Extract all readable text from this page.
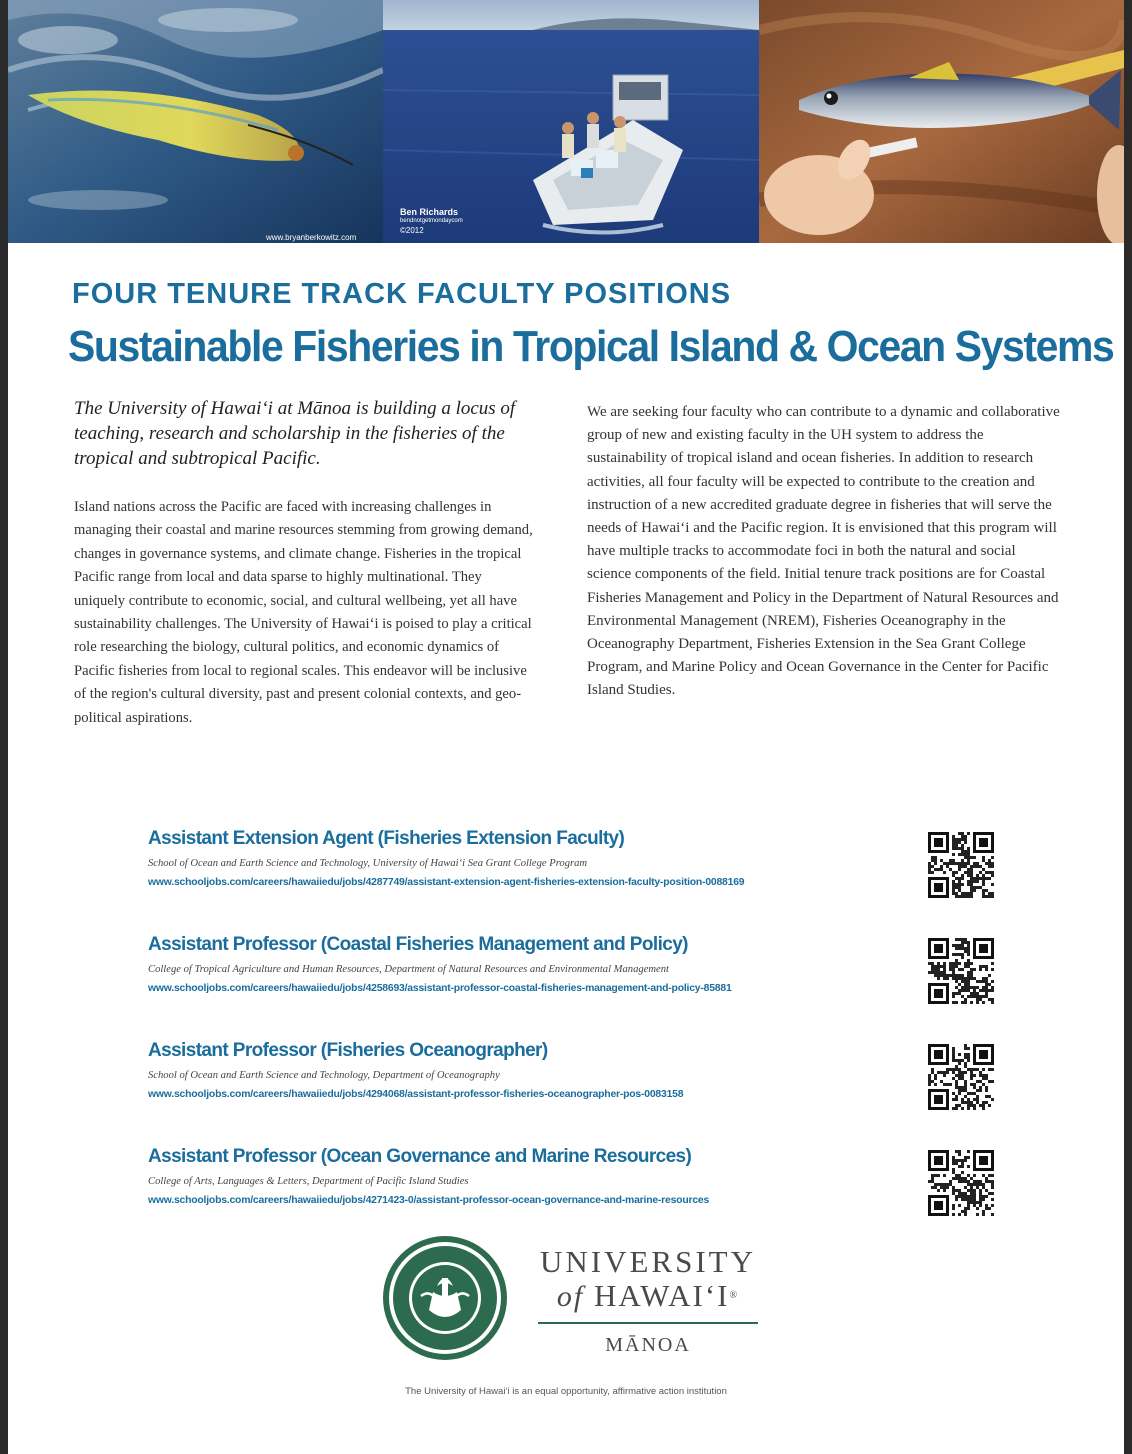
www.bryanberkowitz.com
Ben Richards
bendnotgetmondaycom
©2012
FOUR TENURE TRACK FACULTY POSITIONS
Sustainable Fisheries in Tropical Island & Ocean Systems

The University of Hawaiʻi at Mānoa is building a locus of teaching, research and scholarship in the fisheries of the tropical and subtropical Pacific.

Island nations across the Pacific are faced with increasing challenges in managing their coastal and marine resources stemming from growing demand, changes in governance systems, and climate change. Fisheries in the tropical Pacific range from local and data sparse to highly multinational. They uniquely contribute to economic, social, and cultural wellbeing, yet all have sustainability challenges. The University of Hawaiʻi is poised to play a critical role researching the biology, cultural politics, and economic dynamics of Pacific fisheries from local to regional scales. This endeavor will be inclusive of the region's cultural diversity, past and present colonial contexts, and geo-political aspirations.

We are seeking four faculty who can contribute to a dynamic and collaborative group of new and existing faculty in the UH system to address the sustainability of tropical island and ocean fisheries. In addition to research activities, all four faculty will be expected to contribute to the creation and instruction of a new accredited graduate degree in fisheries that will serve the needs of Hawaiʻi and the Pacific region. It is envisioned that this program will have multiple tracks to accommodate foci in both the natural and social science components of the field. Initial tenure track positions are for Coastal Fisheries Management and Policy in the Department of Natural Resources and Environmental Management (NREM), Fisheries Oceanography in the Oceanography Department, Fisheries Extension in the Sea Grant College Program, and Marine Policy and Ocean Governance in the Center for Pacific Island Studies.

Assistant Extension Agent (Fisheries Extension Faculty)

School of Ocean and Earth Science and Technology, University of Hawaiʻi Sea Grant College Program

www.schooljobs.com/careers/hawaiiedu/jobs/4287749/assistant-extension-agent-fisheries-extension-faculty-position-0088169

Assistant Professor (Coastal Fisheries Management and Policy)

College of Tropical Agriculture and Human Resources, Department of Natural Resources and Environmental Management

www.schooljobs.com/careers/hawaiiedu/jobs/4258693/assistant-professor-coastal-fisheries-management-and-policy-85881

Assistant Professor (Fisheries Oceanographer)

School of Ocean and Earth Science and Technology, Department of Oceanography

www.schooljobs.com/careers/hawaiiedu/jobs/4294068/assistant-professor-fisheries-oceanographer-pos-0083158

Assistant Professor (Ocean Governance and Marine Resources)

College of Arts, Languages & Letters, Department of Pacific Island Studies

www.schooljobs.com/careers/hawaiiedu/jobs/4271423-0/assistant-professor-ocean-governance-and-marine-resources

UNIVERSITY
of HAWAIʻI®
MĀNOA

The University of Hawaiʻi is an equal opportunity, affirmative action institution
